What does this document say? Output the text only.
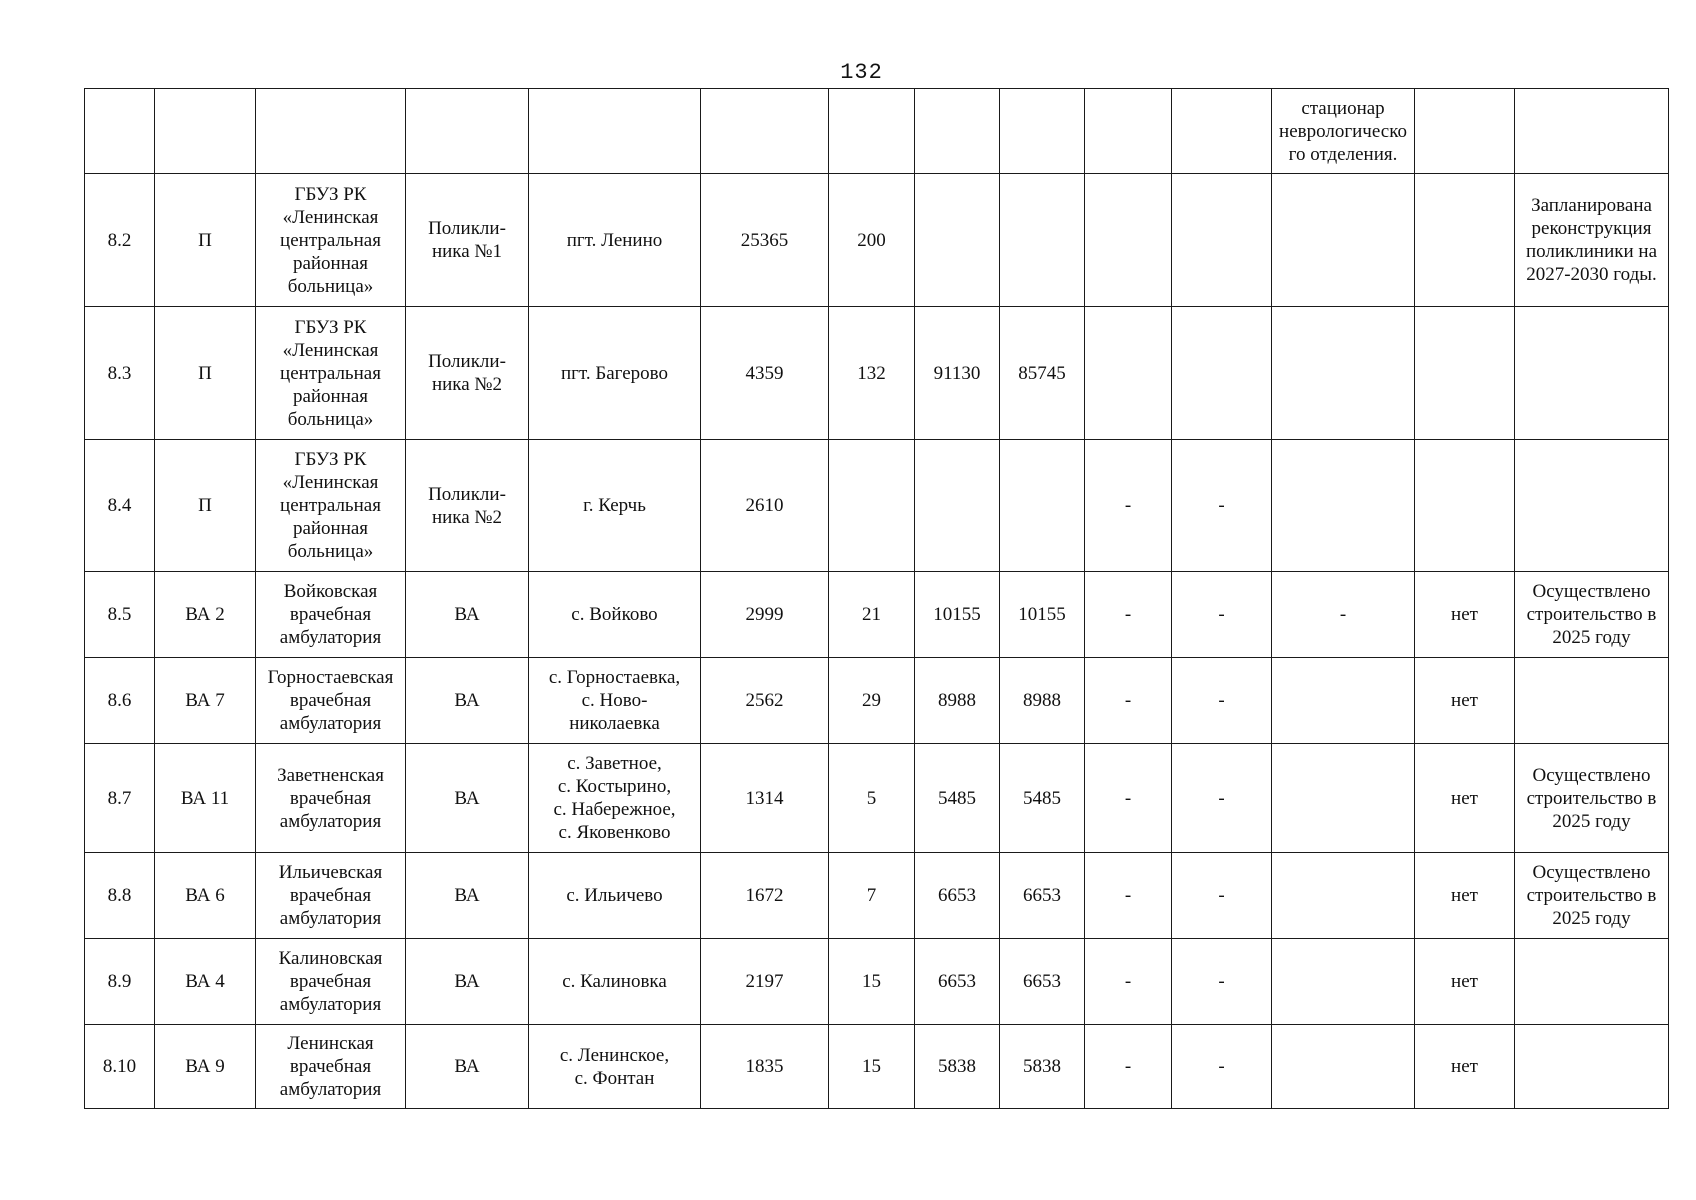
132
											стационар
неврологическо
го отделения.		
8.2	П	ГБУЗ РК
«Ленинская
центральная
районная
больница»	Поликли-
ника №1	пгт. Ленино	25365	200							Запланирована
реконструкция
поликлиники на
2027-2030 годы.
8.3	П	ГБУЗ РК
«Ленинская
центральная
районная
больница»	Поликли-
ника №2	пгт. Багерово	4359	132	91130	85745					
8.4	П	ГБУЗ РК
«Ленинская
центральная
районная
больница»	Поликли-
ника №2	г. Керчь	2610				-	-			
8.5	ВА 2	Войковская
врачебная
амбулатория	ВА	с. Войково	2999	21	10155	10155	-	-	-	нет	Осуществлено
строительство в
2025 году
8.6	ВА 7	Горностаевская
врачебная
амбулатория	ВА	с. Горностаевка,
с. Ново-
николаевка	2562	29	8988	8988	-	-		нет	
8.7	ВА 11	Заветненская
врачебная
амбулатория	ВА	с. Заветное,
с. Костырино,
с. Набережное,
с. Яковенково	1314	5	5485	5485	-	-		нет	Осуществлено
строительство в
2025 году
8.8	ВА 6	Ильичевская
врачебная
амбулатория	ВА	с. Ильичево	1672	7	6653	6653	-	-		нет	Осуществлено
строительство в
2025 году
8.9	ВА 4	Калиновская
врачебная
амбулатория	ВА	с. Калиновка	2197	15	6653	6653	-	-		нет	
8.10	ВА 9	Ленинская
врачебная
амбулатория	ВА	с. Ленинское,
с. Фонтан	1835	15	5838	5838	-	-		нет	
